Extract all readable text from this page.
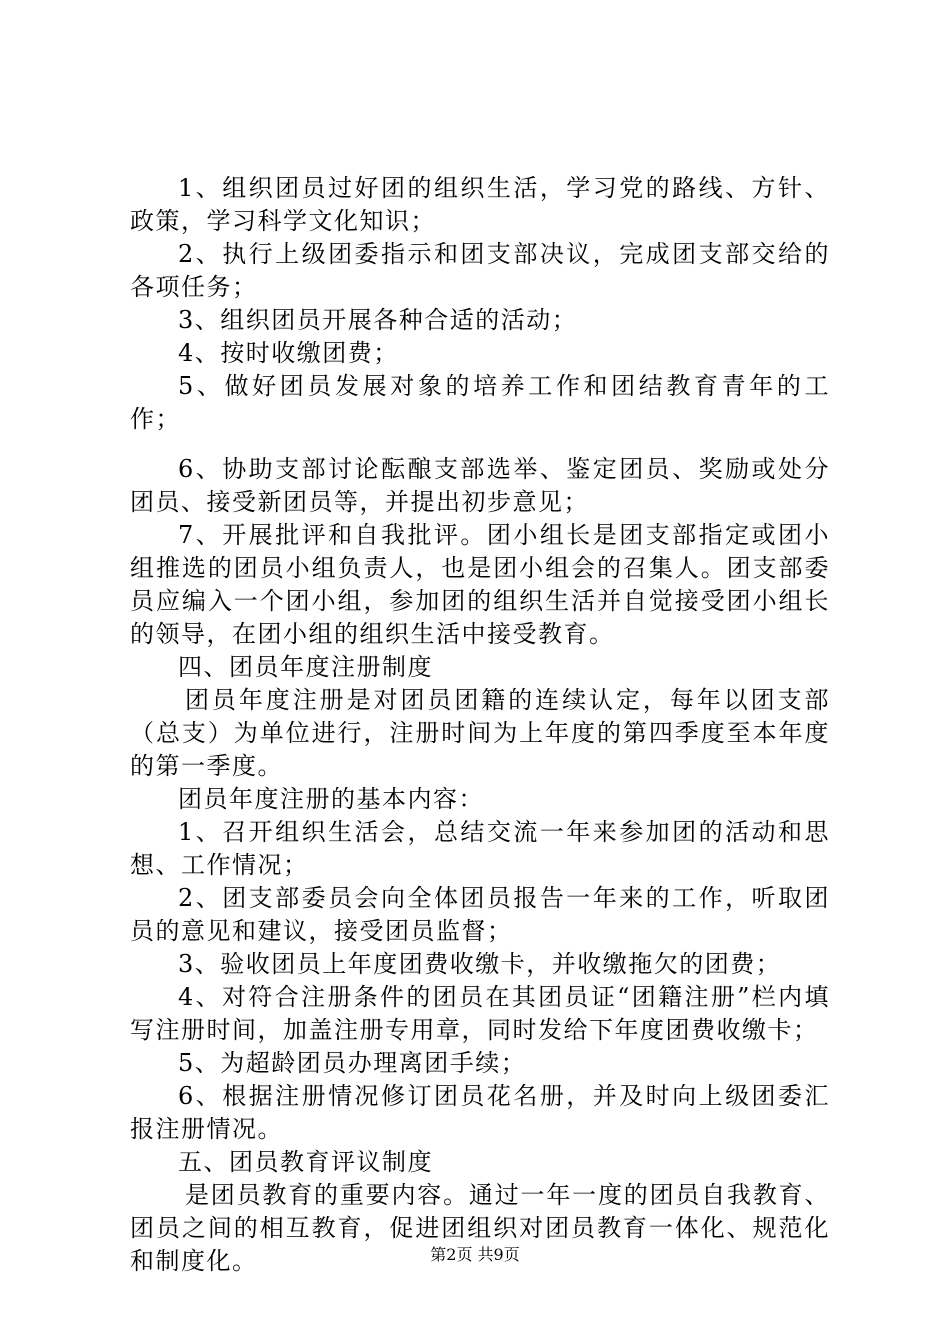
1、组织团员过好团的组织生活，学习党的路线、方针、政策，学习科学文化知识；

2、执行上级团委指示和团支部决议，完成团支部交给的各项任务；

3、组织团员开展各种合适的活动；

4、按时收缴团费；

5、做好团员发展对象的培养工作和团结教育青年的工作；

6、协助支部讨论酝酿支部选举、鉴定团员、奖励或处分团员、接受新团员等，并提出初步意见；

7、开展批评和自我批评。团小组长是团支部指定或团小组推选的团员小组负责人，也是团小组会的召集人。团支部委员应编入一个团小组，参加团的组织生活并自觉接受团小组长的领导，在团小组的组织生活中接受教育。

四、团员年度注册制度

团员年度注册是对团员团籍的连续认定，每年以团支部（总支）为单位进行，注册时间为上年度的第四季度至本年度的第一季度。

团员年度注册的基本内容：

1、召开组织生活会，总结交流一年来参加团的活动和思想、工作情况；

2、团支部委员会向全体团员报告一年来的工作，听取团员的意见和建议，接受团员监督；

3、验收团员上年度团费收缴卡，并收缴拖欠的团费；

4、对符合注册条件的团员在其团员证“团籍注册”栏内填写注册时间，加盖注册专用章，同时发给下年度团费收缴卡；

5、为超龄团员办理离团手续；

6、根据注册情况修订团员花名册，并及时向上级团委汇报注册情况。

五、团员教育评议制度

是团员教育的重要内容。通过一年一度的团员自我教育、团员之间的相互教育，促进团组织对团员教育一体化、规范化和制度化。	第2页 共9页
